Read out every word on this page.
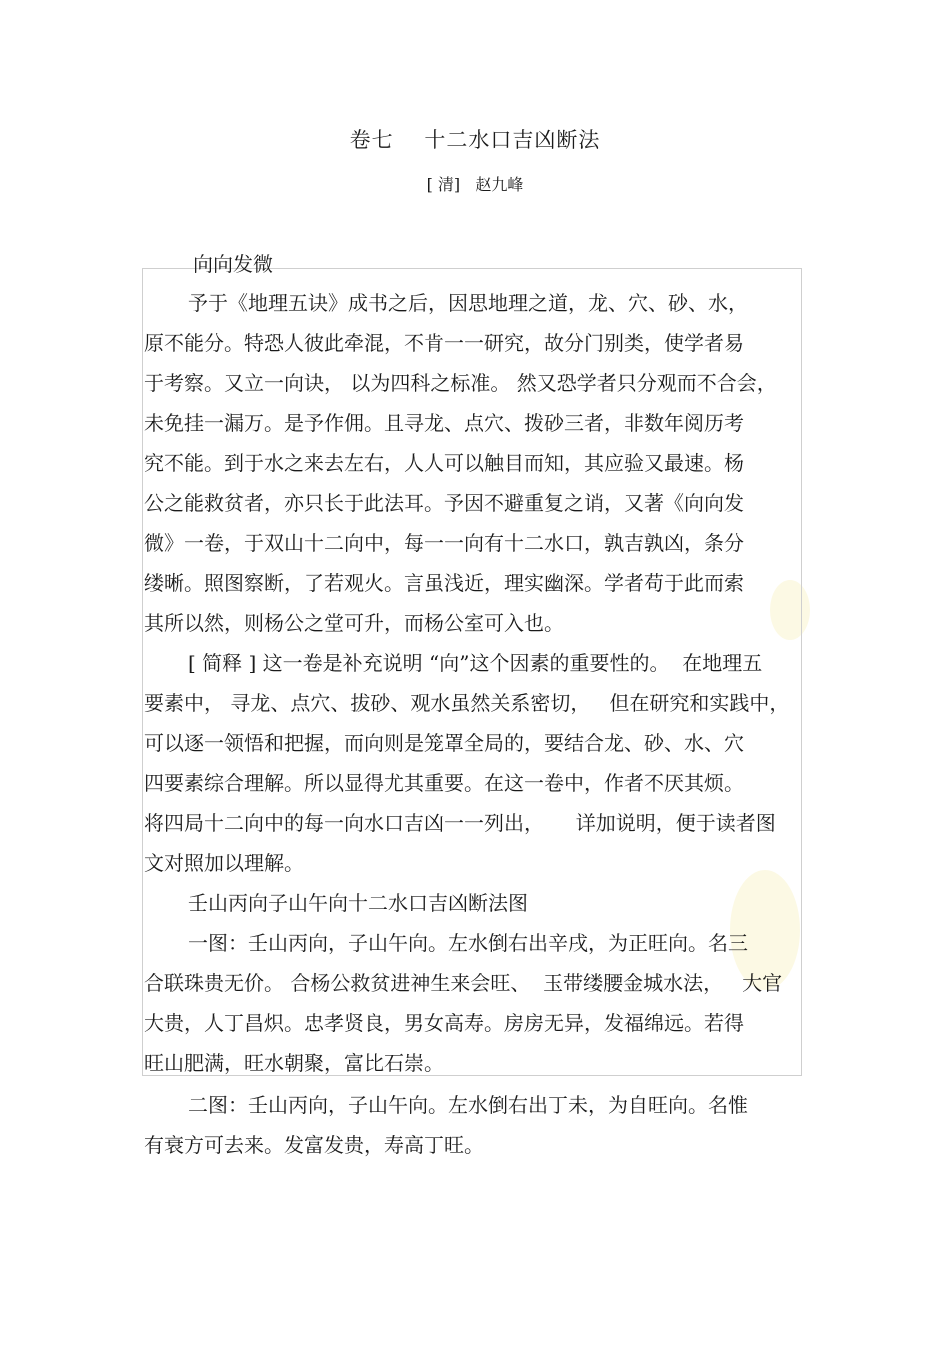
卷七    十二水口吉凶断法
[ 清]   赵九峰
向向发微
予于《地理五诀》成书之后，因思地理之道，龙、穴、砂、水，
原不能分。特恐人彼此牵混，不肯一一研究，故分门别类，使学者易
于考察。又立一向诀， 以为四科之标准。 然又恐学者只分观而不合会，
未免挂一漏万。是予作佣。且寻龙、点穴、拨砂三者，非数年阅历考
究不能。到于水之来去左右，人人可以触目而知，其应验又最速。杨
公之能救贫者，亦只长于此法耳。予因不避重复之诮，又著《向向发
微》一卷，于双山十二向中，每一一向有十二水口，孰吉孰凶，条分
缕晰。照图察断，了若观火。言虽浅近，理实幽深。学者苟于此而索
其所以然，则杨公之堂可升，而杨公室可入也。
[ 简释 ] 这一卷是补充说明 “向”这个因素的重要性的。  在地理五
要素中， 寻龙、点穴、拔砂、观水虽然关系密切，   但在研究和实践中，
可以逐一领悟和把握，而向则是笼罩全局的，要结合龙、砂、水、穴
四要素综合理解。所以显得尤其重要。在这一卷中，作者不厌其烦。
将四局十二向中的每一向水口吉凶一一列出，     详加说明，便于读者图
文对照加以理解。
壬山丙向子山午向十二水口吉凶断法图
一图：壬山丙向，子山午向。左水倒右出辛戌，为正旺向。名三
合联珠贵无价。 合杨公救贫进神生来会旺、  玉带缕腰金城水法，   大官
大贵，人丁昌炽。忠孝贤良，男女高寿。房房无异，发福绵远。若得
旺山肥满，旺水朝聚，富比石崇。
二图：壬山丙向，子山午向。左水倒右出丁未，为自旺向。名惟
有衰方可去来。发富发贵，寿高丁旺。
